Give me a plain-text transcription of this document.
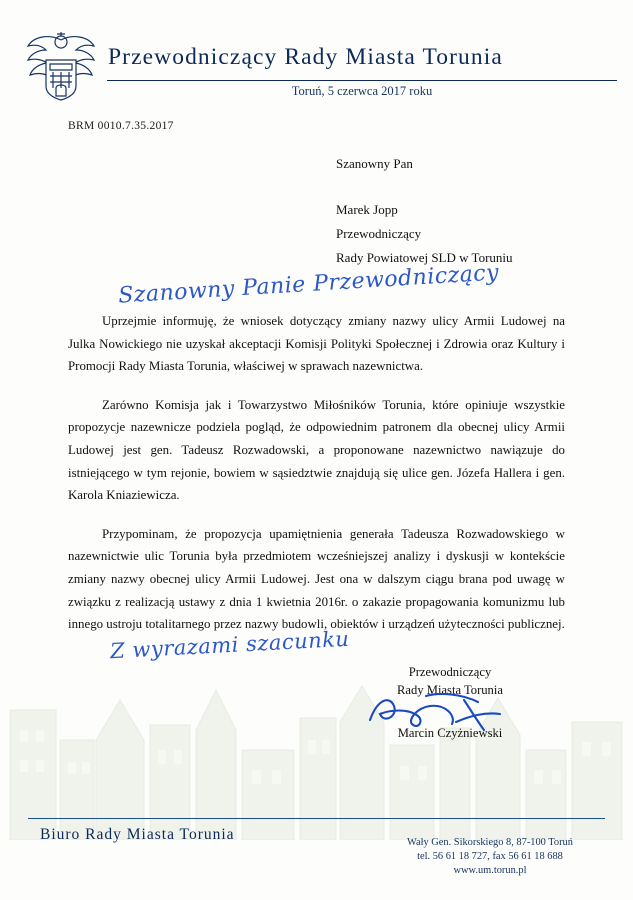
Przewodniczący Rady Miasta Torunia
Toruń, 5 czerwca 2017 roku
BRM 0010.7.35.2017
Szanowny Pan
Marek Jopp
Przewodniczący
Rady Powiatowej SLD w Toruniu
Szanowny Panie Przewodniczący

Uprzejmie informuję, że wniosek dotyczący zmiany nazwy ulicy Armii Ludowej na Julka Nowickiego nie uzyskał akceptacji Komisji Polityki Społecznej i Zdrowia oraz Kultury i Promocji Rady Miasta Torunia, właściwej w sprawach nazewnictwa.

Zarówno Komisja jak i Towarzystwo Miłośników Torunia, które opiniuje wszystkie propozycje nazewnicze podziela pogląd, że odpowiednim patronem dla obecnej ulicy Armii Ludowej jest gen. Tadeusz Rozwadowski, a proponowane nazewnictwo nawiązuje do istniejącego w tym rejonie, bowiem w sąsiedztwie znajdują się ulice gen. Józefa Hallera i gen. Karola Kniaziewicza.

Przypominam, że propozycja upamiętnienia generała Tadeusza Rozwadowskiego w nazewnictwie ulic Torunia była przedmiotem wcześniejszej analizy i dyskusji w kontekście zmiany nazwy obecnej ulicy Armii Ludowej. Jest ona w dalszym ciągu brana pod uwagę w związku z realizacją ustawy z dnia 1 kwietnia 2016r. o zakazie propagowania komunizmu lub innego ustroju totalitarnego przez nazwy budowli, obiektów i urządzeń użyteczności publicznej.

Z wyrazami szacunku
Przewodniczący
Rady Miasta Torunia
Marcin Czyżniewski
Biuro Rady Miasta Torunia	Wały Gen. Sikorskiego 8, 87-100 Toruń
tel. 56 61 18 727, fax 56 61 18 688
www.um.torun.pl
